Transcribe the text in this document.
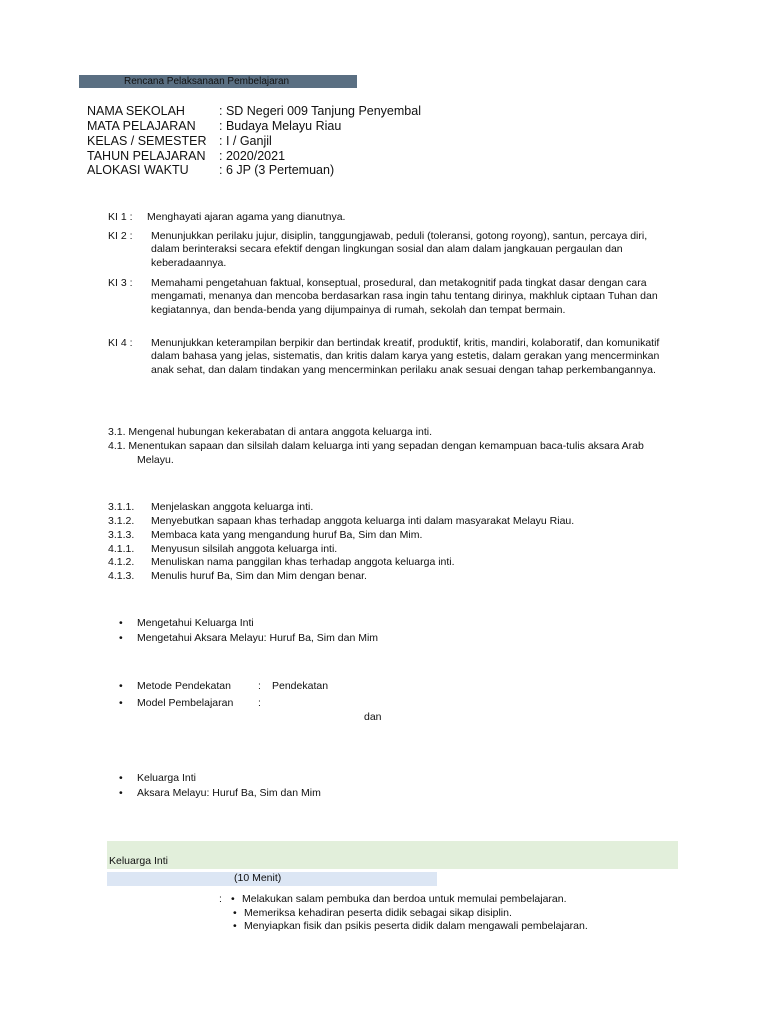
Rencana Pelaksanaan Pembelajaran
NAMA SEKOLAH	: SD Negeri 009 Tanjung Penyembal
MATA PELAJARAN : Budaya Melayu Riau
KELAS / SEMESTER : I / Ganjil
TAHUN PELAJARAN : 2020/2021
ALOKASI WAKTU : 6 JP (3 Pertemuan)
KI 1 : Menghayati ajaran agama yang dianutnya.
KI 2 : Menunjukkan perilaku jujur, disiplin, tanggungjawab, peduli (toleransi, gotong royong), santun, percaya diri, dalam berinteraksi secara efektif dengan lingkungan sosial dan alam dalam jangkauan pergaulan dan keberadaannya.
KI 3 : Memahami pengetahuan faktual, konseptual, prosedural, dan metakognitif pada tingkat dasar dengan cara mengamati, menanya dan mencoba berdasarkan rasa ingin tahu tentang dirinya, makhluk ciptaan Tuhan dan kegiatannya, dan benda-benda yang dijumpainya di rumah, sekolah dan tempat bermain.
KI 4 : Menunjukkan keterampilan berpikir dan bertindak kreatif, produktif, kritis, mandiri, kolaboratif, dan komunikatif dalam bahasa yang jelas, sistematis, dan kritis dalam karya yang estetis, dalam gerakan yang mencerminkan anak sehat, dan dalam tindakan yang mencerminkan perilaku anak sesuai dengan tahap perkembangannya.
3.1. Mengenal hubungan kekerabatan di antara anggota keluarga inti.
4.1. Menentukan sapaan dan silsilah dalam keluarga inti yang sepadan dengan kemampuan baca-tulis aksara Arab
Melayu.
3.1.1. Menjelaskan anggota keluarga inti.
3.1.2. Menyebutkan sapaan khas terhadap anggota keluarga inti dalam masyarakat Melayu Riau.
3.1.3. Membaca kata yang mengandung huruf Ba, Sim dan Mim.
4.1.1. Menyusun silsilah anggota keluarga inti.
4.1.2. Menuliskan nama panggilan khas terhadap anggota keluarga inti.
4.1.3. Menulis huruf Ba, Sim dan Mim dengan benar.
• Mengetahui Keluarga Inti
• Mengetahui Aksara Melayu: Huruf Ba, Sim dan Mim
• Metode Pendekatan	: Pendekatan
• Model Pembelajaran :
dan
• Keluarga Inti
• Aksara Melayu: Huruf Ba, Sim dan Mim
Keluarga Inti
(10 Menit)
: • Melakukan salam pembuka dan berdoa untuk memulai pembelajaran.
• Memeriksa kehadiran peserta didik sebagai sikap disiplin.
• Menyiapkan fisik dan psikis peserta didik dalam mengawali pembelajaran.
